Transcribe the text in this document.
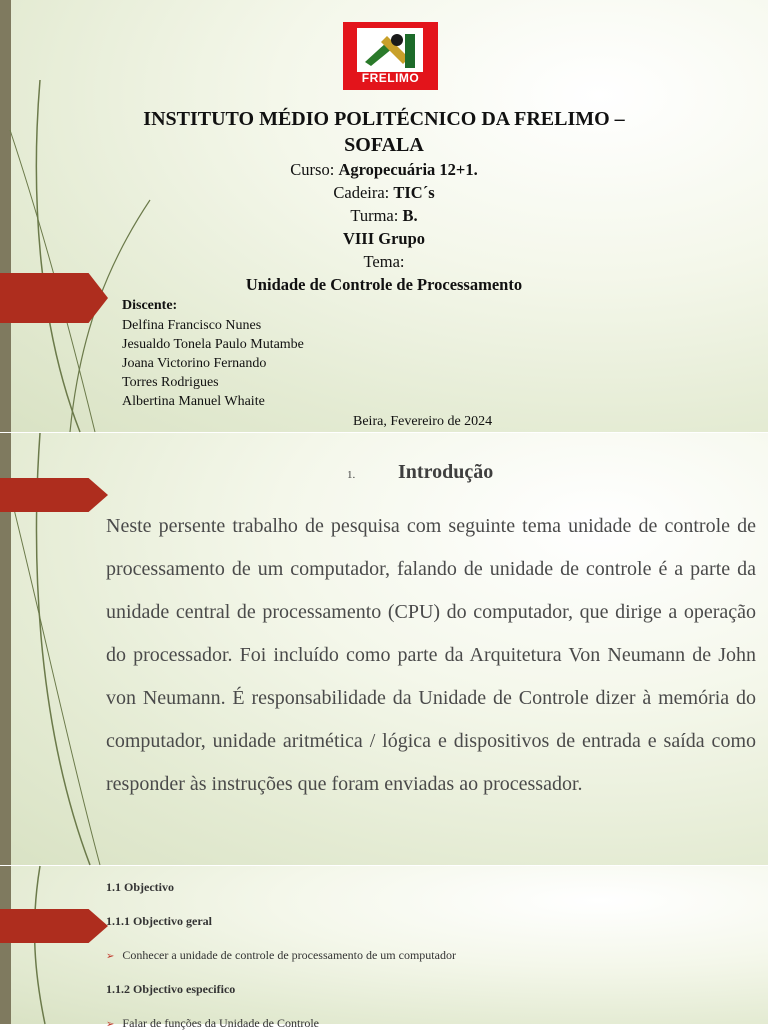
FRELIMO
INSTITUTO MÉDIO POLITÉCNICO DA FRELIMO – SOFALA
Curso: Agropecuária 12+1.
Cadeira: TIC´s
Turma: B.
VIII Grupo
Tema:
Unidade de Controle de Processamento
Discente:
Delfina Francisco Nunes
Jesualdo Tonela Paulo Mutambe
Joana Victorino Fernando
Torres Rodrigues
Albertina Manuel Whaite
Beira, Fevereiro de 2024
1. Introdução
Neste persente trabalho de pesquisa com seguinte tema unidade de controle de processamento de um computador, falando de unidade de controle é a parte da unidade central de processamento (CPU) do computador, que dirige a operação do processador. Foi incluído como parte da Arquitetura Von Neumann de John von Neumann. É responsabilidade da Unidade de Controle dizer à memória do computador, unidade aritmética / lógica e dispositivos de entrada e saída como responder às instruções que foram enviadas ao processador.
1.1 Objectivo
1.1.1 Objectivo geral
➢ Conhecer a unidade de controle de processamento de um computador
1.1.2 Objectivo especifico
➢ Falar de funções da Unidade de Controle
